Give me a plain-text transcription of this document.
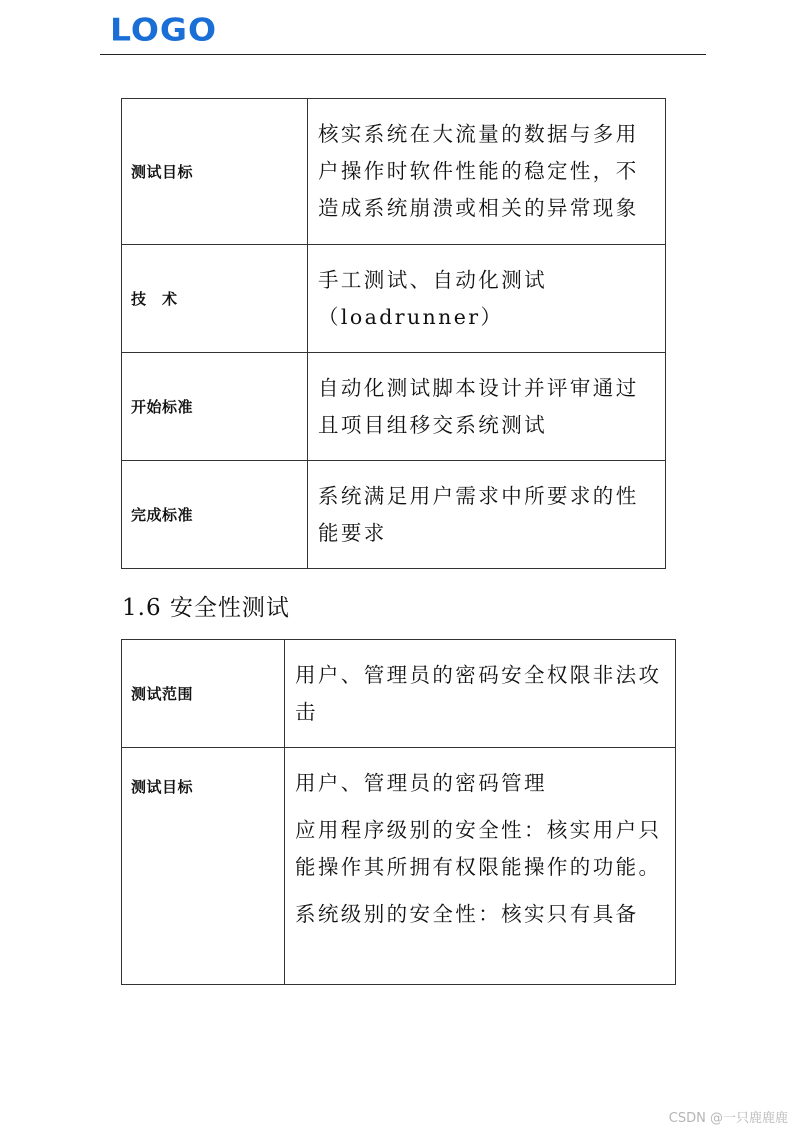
LOGO
测试目标	核实系统在大流量的数据与多用户操作时软件性能的稳定性，不造成系统崩溃或相关的异常现象

技　术	手工测试、自动化测试（loadrunner）

开始标准	自动化测试脚本设计并评审通过且项目组移交系统测试

完成标准	系统满足用户需求中所要求的性能要求

1.6 安全性测试
测试范围	用户、管理员的密码安全权限非法攻击

测试目标	用户、管理员的密码管理

应用程序级别的安全性：核实用户只能操作其所拥有权限能操作的功能。

系统级别的安全性：核实只有具备

CSDN @一只鹿鹿鹿
